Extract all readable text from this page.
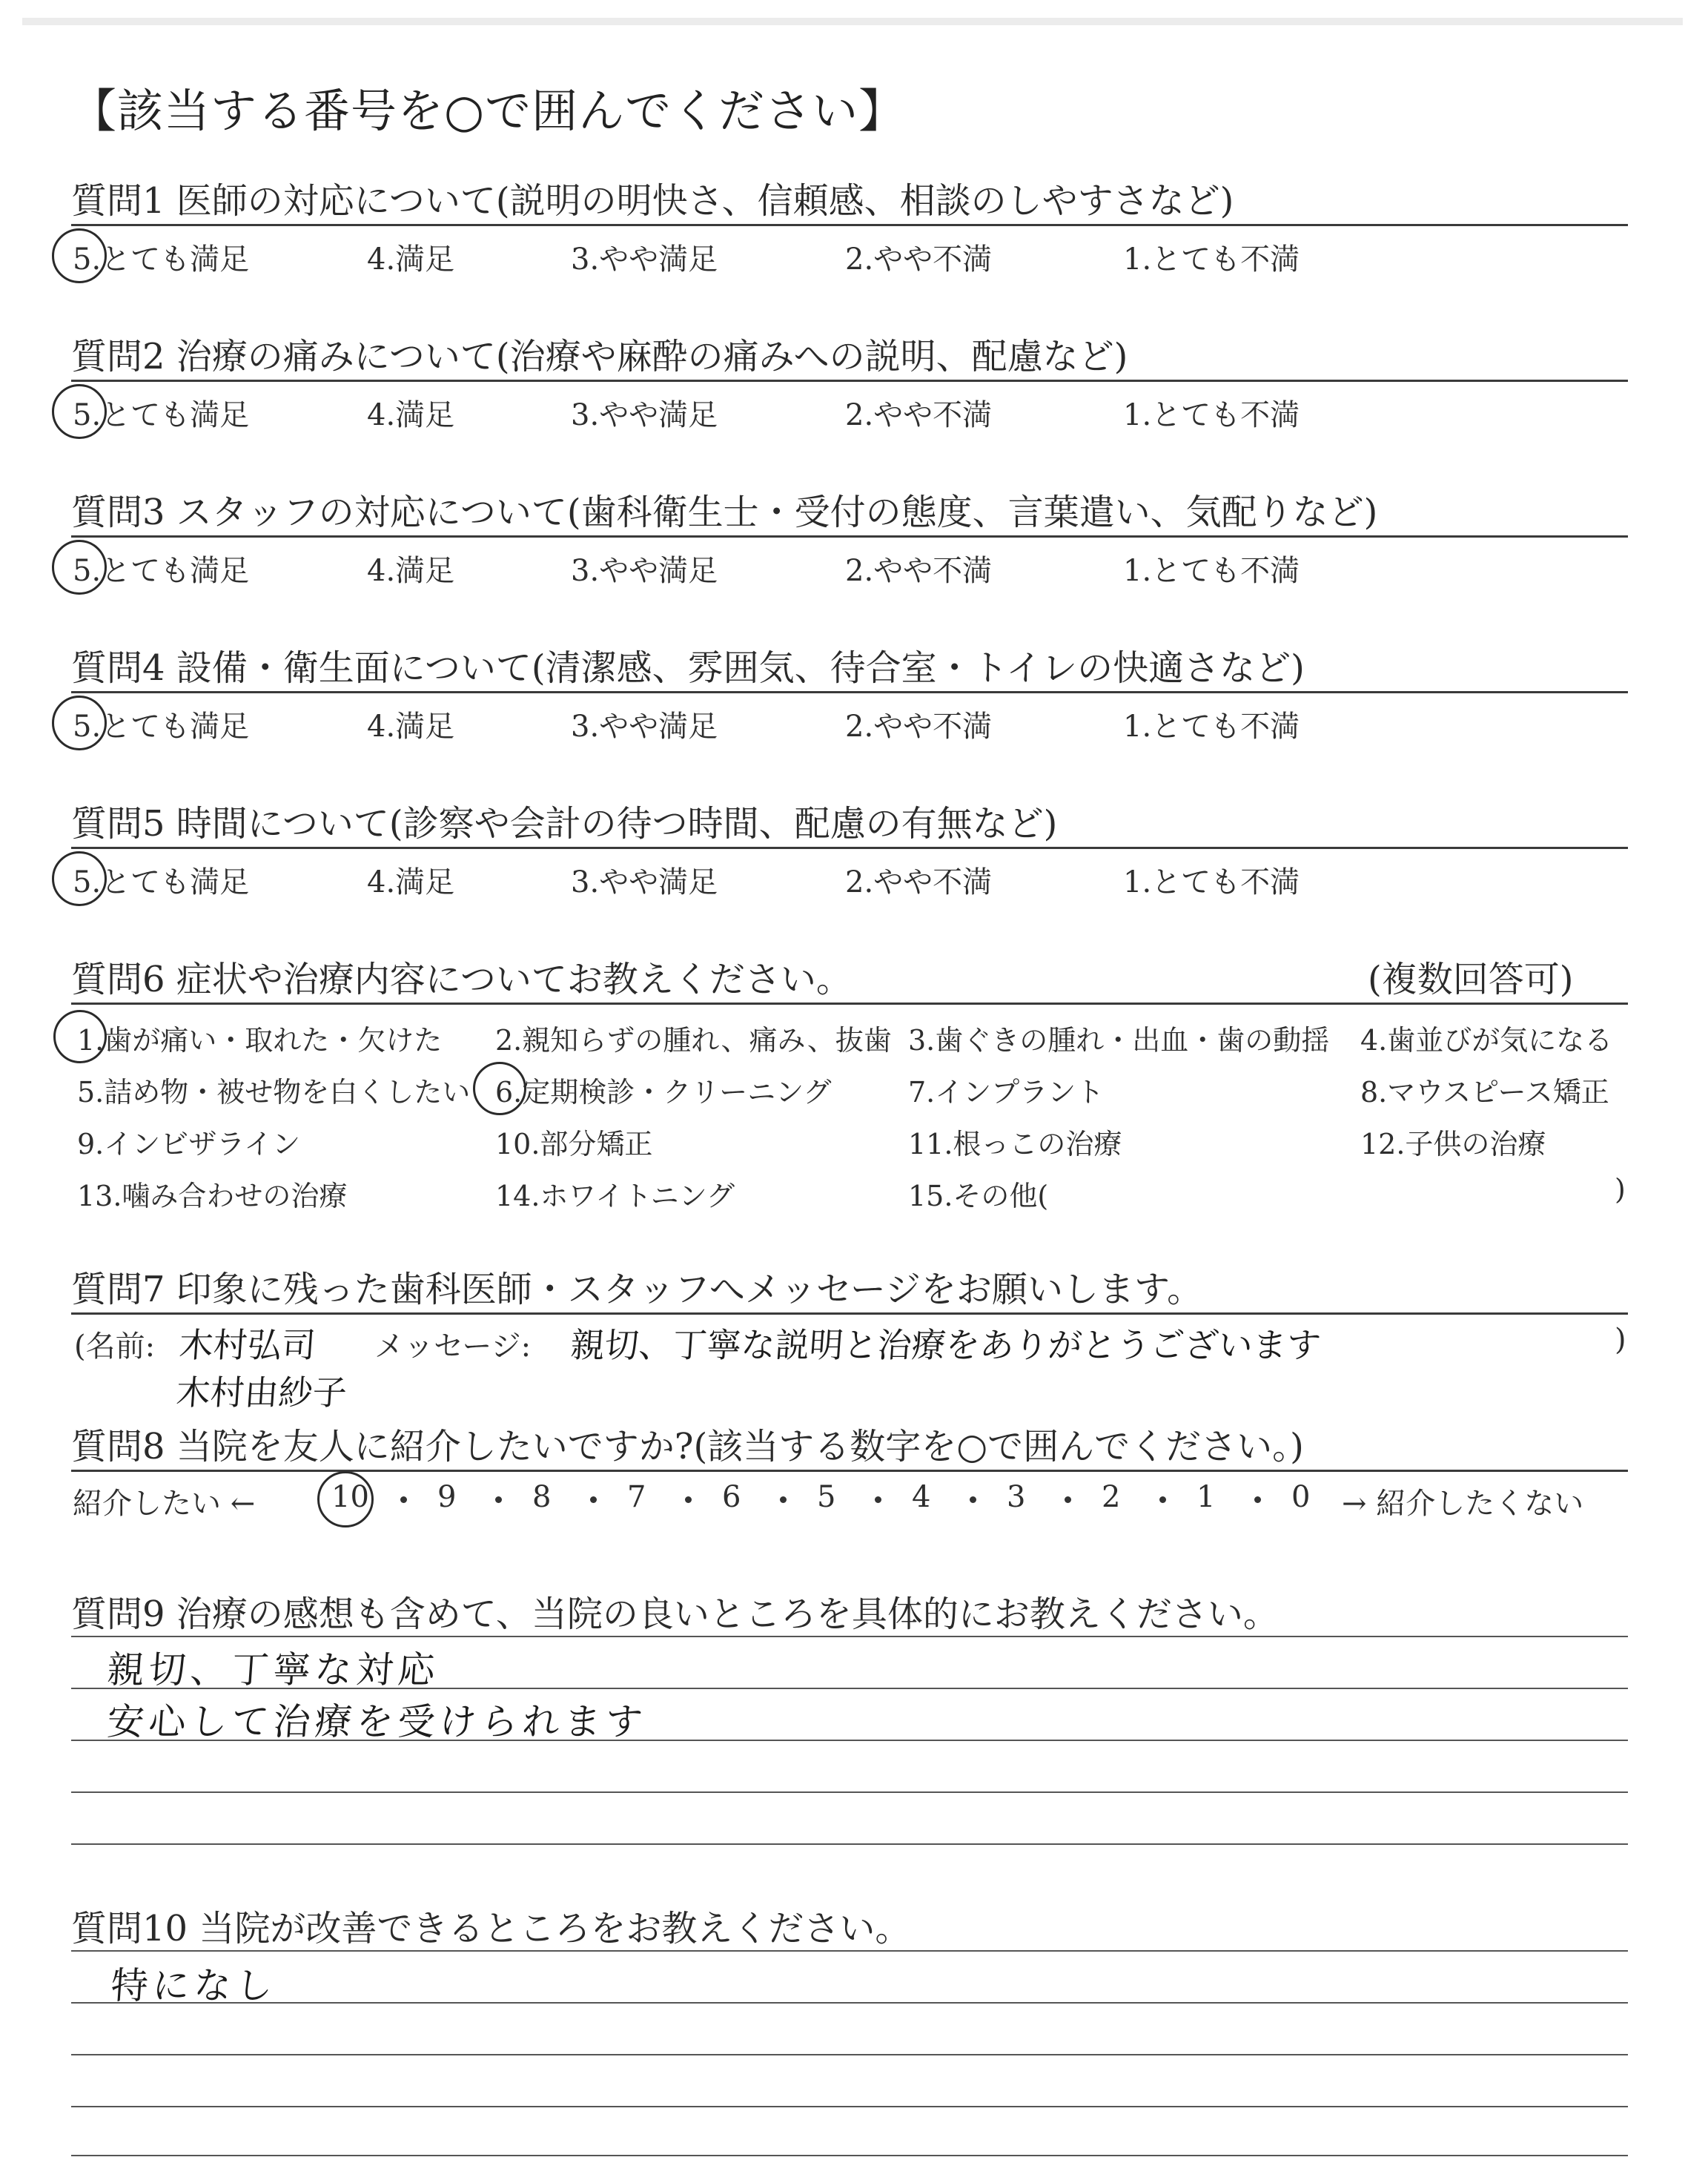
【該当する番号を○で囲んでください】
質問1 医師の対応について(説明の明快さ、信頼感、相談のしやすさなど)
5.とても満足	4.満足	3.やや満足	2.やや不満	1.とても不満
質問2 治療の痛みについて(治療や麻酔の痛みへの説明、配慮など)
5.とても満足	4.満足	3.やや満足	2.やや不満	1.とても不満
質問3 スタッフの対応について(歯科衛生士・受付の態度、言葉遣い、気配りなど)
5.とても満足	4.満足	3.やや満足	2.やや不満	1.とても不満
質問4 設備・衛生面について(清潔感、雰囲気、待合室・トイレの快適さなど)
5.とても満足	4.満足	3.やや満足	2.やや不満	1.とても不満
質問5 時間について(診察や会計の待つ時間、配慮の有無など)
5.とても満足	4.満足	3.やや満足	2.やや不満	1.とても不満
質問6 症状や治療内容についてお教えください。	(複数回答可)
1.歯が痛い・取れた・欠けた 2.親知らずの腫れ、痛み、抜歯 3.歯ぐきの腫れ・出血・歯の動揺 4.歯並びが気になる
5.詰め物・被せ物を白くしたい 6.定期検診・クリーニング	7.インプラント	8.マウスピース矯正
9.インビザライン	10.部分矯正	11.根っこの治療	12.子供の治療
13.噛み合わせの治療	14.ホワイトニング	15.その他(	)
質問7 印象に残った歯科医師・スタッフへメッセージをお願いします。
(名前: 木村弘司
木村由紗子
メッセージ: 親切、丁寧な説明と治療をありがとうございます	)
質問8 当院を友人に紹介したいですか?(該当する数字を○で囲んでください。)
紹介したい ←	10 9	8	7	6	5	4	3	2	1	0 → 紹介したくない
質問9 治療の感想も含めて、当院の良いところを具体的にお教えください。
親切、丁寧な対応
安心して治療を受けられます
質問10 当院が改善できるところをお教えください。
特になし
